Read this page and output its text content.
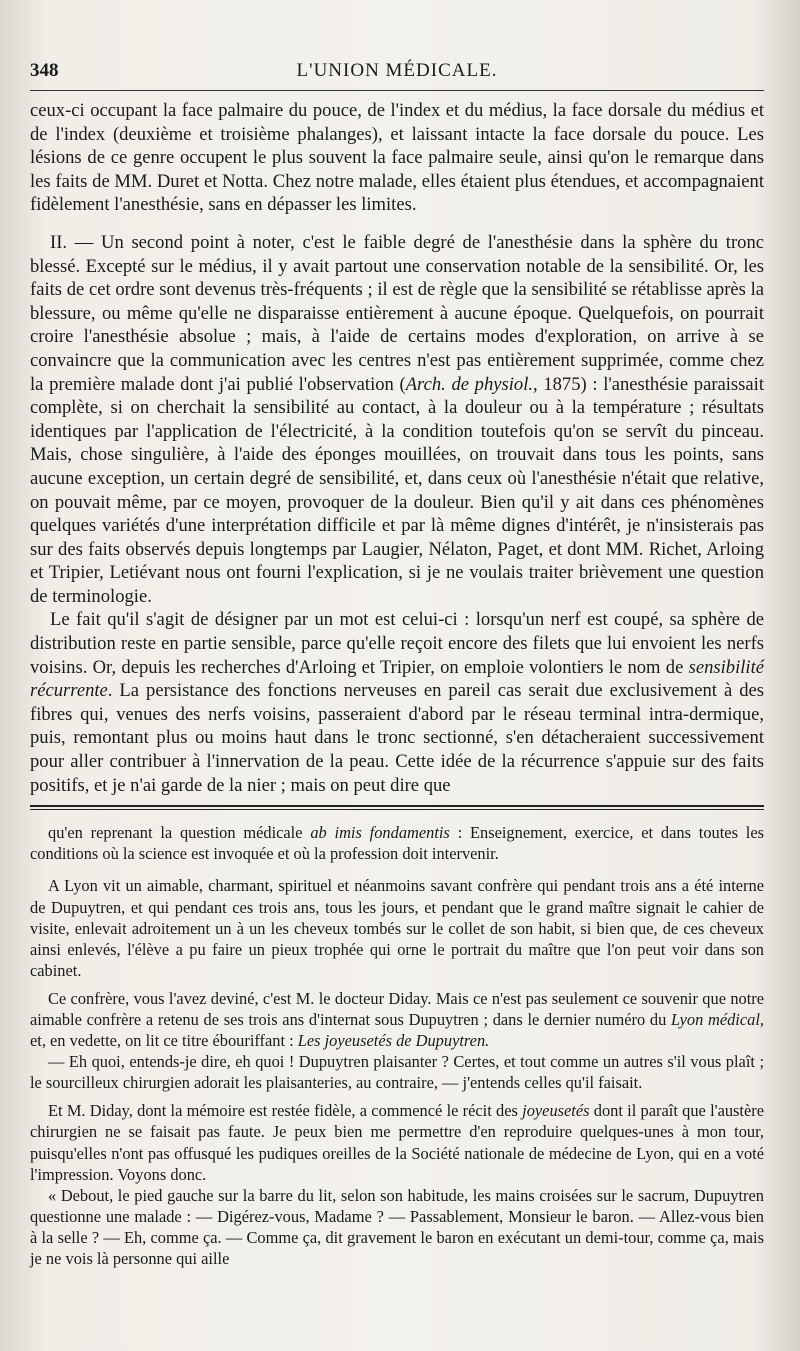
348	L'UNION MÉDICALE.

ceux-ci occupant la face palmaire du pouce, de l'index et du médius, la face dorsale du médius et de l'index (deuxième et troisième phalanges), et laissant intacte la face dorsale du pouce. Les lésions de ce genre occupent le plus souvent la face palmaire seule, ainsi qu'on le remarque dans les faits de MM. Duret et Notta. Chez notre malade, elles étaient plus étendues, et accompagnaient fidèlement l'anesthésie, sans en dépasser les limites.

II. — Un second point à noter, c'est le faible degré de l'anesthésie dans la sphère du tronc blessé. Excepté sur le médius, il y avait partout une conservation notable de la sensibilité. Or, les faits de cet ordre sont devenus très-fréquents ; il est de règle que la sensibilité se rétablisse après la blessure, ou même qu'elle ne disparaisse entièrement à aucune époque. Quelquefois, on pourrait croire l'anesthésie absolue ; mais, à l'aide de certains modes d'exploration, on arrive à se convaincre que la communication avec les centres n'est pas entièrement supprimée, comme chez la première malade dont j'ai publié l'observation (Arch. de physiol., 1875) : l'anesthésie paraissait complète, si on cherchait la sensibilité au contact, à la douleur ou à la température ; résultats identiques par l'application de l'électricité, à la condition toutefois qu'on se servît du pinceau. Mais, chose singulière, à l'aide des éponges mouillées, on trouvait dans tous les points, sans aucune exception, un certain degré de sensibilité, et, dans ceux où l'anesthésie n'était que relative, on pouvait même, par ce moyen, provoquer de la douleur. Bien qu'il y ait dans ces phénomènes quelques variétés d'une interprétation difficile et par là même dignes d'intérêt, je n'insisterais pas sur des faits observés depuis longtemps par Laugier, Nélaton, Paget, et dont MM. Richet, Arloing et Tripier, Letiévant nous ont fourni l'explication, si je ne voulais traiter brièvement une question de terminologie.

Le fait qu'il s'agit de désigner par un mot est celui-ci : lorsqu'un nerf est coupé, sa sphère de distribution reste en partie sensible, parce qu'elle reçoit encore des filets que lui envoient les nerfs voisins. Or, depuis les recherches d'Arloing et Tripier, on emploie volontiers le nom de sensibilité récurrente. La persistance des fonctions nerveuses en pareil cas serait due exclusivement à des fibres qui, venues des nerfs voisins, passeraient d'abord par le réseau terminal intra-dermique, puis, remontant plus ou moins haut dans le tronc sectionné, s'en détacheraient successivement pour aller contribuer à l'innervation de la peau. Cette idée de la récurrence s'appuie sur des faits positifs, et je n'ai garde de la nier ; mais on peut dire que

qu'en reprenant la question médicale ab imis fondamentis : Enseignement, exercice, et dans toutes les conditions où la science est invoquée et où la profession doit intervenir.

A Lyon vit un aimable, charmant, spirituel et néanmoins savant confrère qui pendant trois ans a été interne de Dupuytren, et qui pendant ces trois ans, tous les jours, et pendant que le grand maître signait le cahier de visite, enlevait adroitement un à un les cheveux tombés sur le collet de son habit, si bien que, de ces cheveux ainsi enlevés, l'élève a pu faire un pieux trophée qui orne le portrait du maître que l'on peut voir dans son cabinet.

Ce confrère, vous l'avez deviné, c'est M. le docteur Diday. Mais ce n'est pas seulement ce souvenir que notre aimable confrère a retenu de ses trois ans d'internat sous Dupuytren ; dans le dernier numéro du Lyon médical, et, en vedette, on lit ce titre ébouriffant : Les joyeusetés de Dupuytren.

— Eh quoi, entends-je dire, eh quoi ! Dupuytren plaisanter ? Certes, et tout comme un autres s'il vous plaît ; le sourcilleux chirurgien adorait les plaisanteries, au contraire, — j'entends celles qu'il faisait.

Et M. Diday, dont la mémoire est restée fidèle, a commencé le récit des joyeusetés dont il paraît que l'austère chirurgien ne se faisait pas faute. Je peux bien me permettre d'en reproduire quelques-unes à mon tour, puisqu'elles n'ont pas offusqué les pudiques oreilles de la Société nationale de médecine de Lyon, qui en a voté l'impression. Voyons donc.

« Debout, le pied gauche sur la barre du lit, selon son habitude, les mains croisées sur le sacrum, Dupuytren questionne une malade : — Digérez-vous, Madame ? — Passablement, Monsieur le baron. — Allez-vous bien à la selle ? — Eh, comme ça. — Comme ça, dit gravement le baron en exécutant un demi-tour, comme ça, mais je ne vois là personne qui aille
